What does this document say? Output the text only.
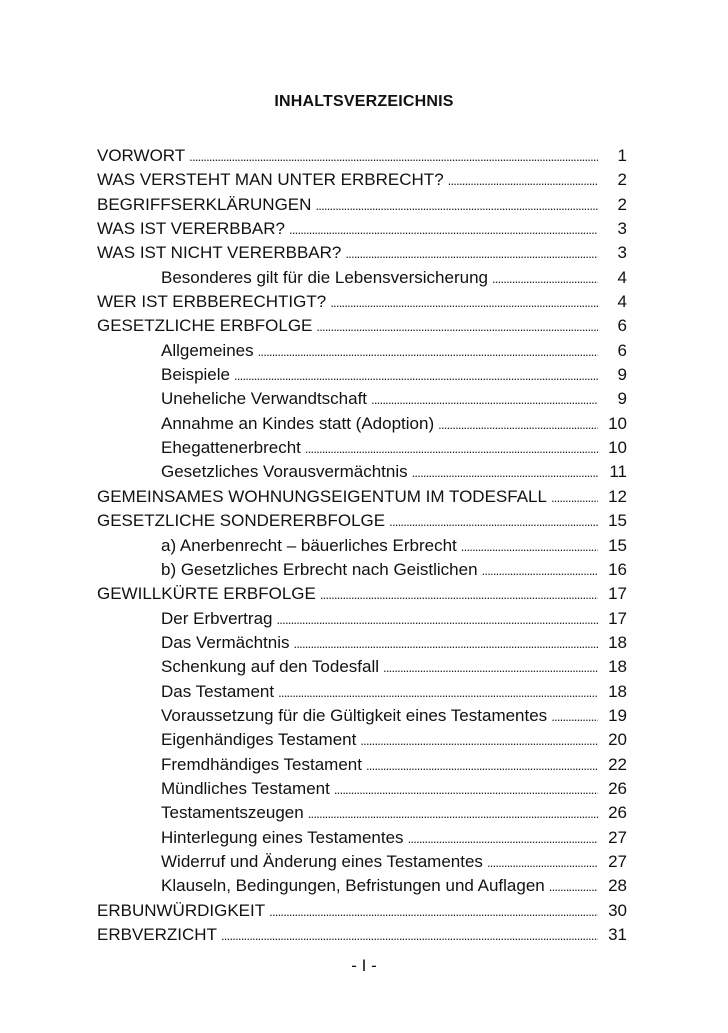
INHALTSVERZEICHNIS
VORWORT . . .	1
WAS VERSTEHT MAN UNTER ERBRECHT? . . .	2
BEGRIFFSERKLÄRUNGEN . . .	2
WAS IST VERERBBAR? . . .	3
WAS IST NICHT VERERBBAR? . . .	3
Besonderes gilt für die Lebensversicherung . . .	4
WER IST ERBBERECHTIGT? . . .	4
GESETZLICHE ERBFOLGE . . .	6
Allgemeines . . .	6
Beispiele . . .	9
Uneheliche Verwandtschaft . . .	9
Annahme an Kindes statt (Adoption) . . .	10
Ehegattenerbrecht . . .	10
Gesetzliches Vorausvermächtnis . . .	11
GEMEINSAMES WOHNUNGSEIGENTUM IM TODESFALL . . .	12
GESETZLICHE SONDERERBFOLGE . . .	15
a) Anerbenrecht – bäuerliches Erbrecht . . .	15
b) Gesetzliches Erbrecht nach Geistlichen . . .	16
GEWILLKÜRTE ERBFOLGE . . .	17
Der Erbvertrag . . .	17
Das Vermächtnis . . .	18
Schenkung auf den Todesfall . . .	18
Das Testament . . .	18
Voraussetzung für die Gültigkeit eines Testamentes . . .	19
Eigenhändiges Testament . . .	20
Fremdhändiges Testament . . .	22
Mündliches Testament . . .	26
Testamentszeugen . . .	26
Hinterlegung eines Testamentes . . .	27
Widerruf und Änderung eines Testamentes . . .	27
Klauseln, Bedingungen, Befristungen und Auflagen . . .	28
ERBUNWÜRDIGKEIT . . .	30
ERBVERZICHT . . .	31
- I -
